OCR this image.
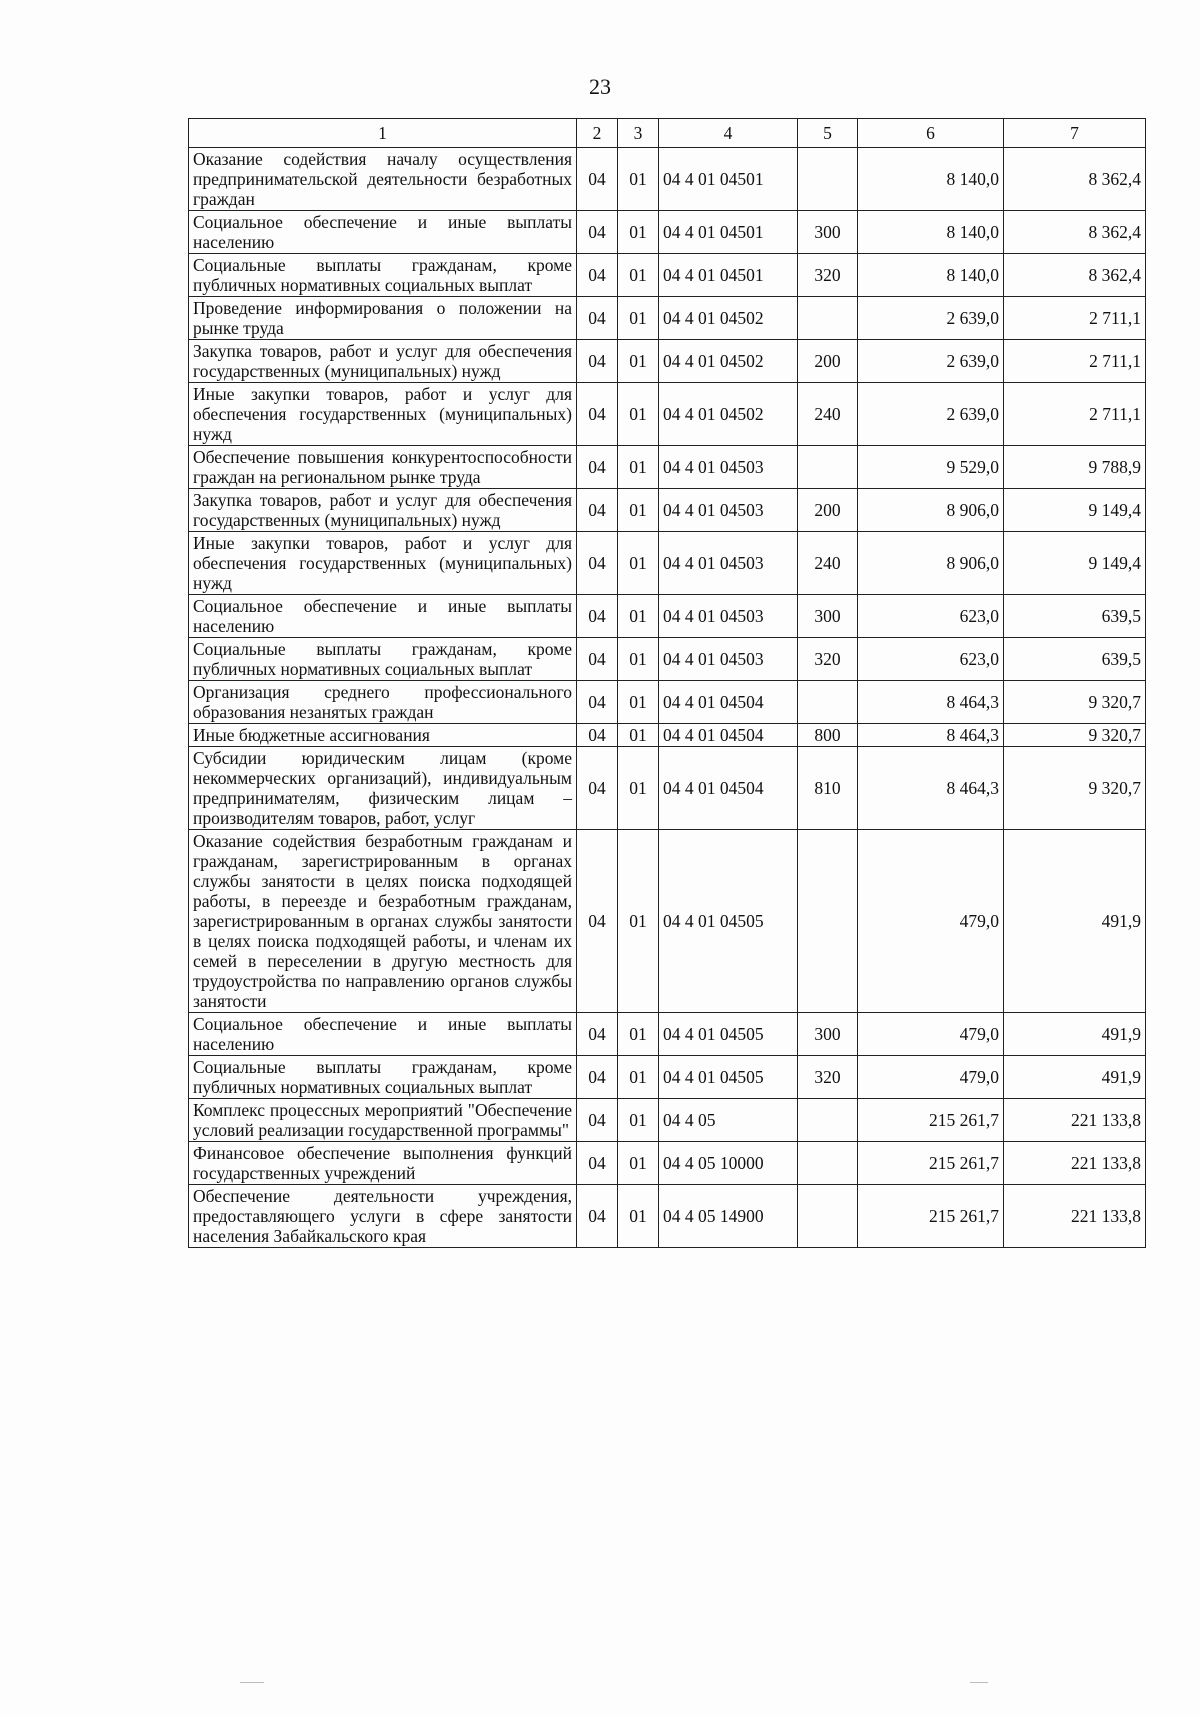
23
1	2	3	4	5	6	7
Оказание содействия началу осуществления предпринимательской деятельности безработных граждан	04	01	04 4 01 04501		8 140,0	8 362,4
Социальное обеспечение и иные выплаты населению	04	01	04 4 01 04501	300	8 140,0	8 362,4
Социальные выплаты гражданам, кроме публичных нормативных социальных выплат	04	01	04 4 01 04501	320	8 140,0	8 362,4
Проведение информирования о положении на рынке труда	04	01	04 4 01 04502		2 639,0	2 711,1
Закупка товаров, работ и услуг для обеспечения государственных (муниципальных) нужд	04	01	04 4 01 04502	200	2 639,0	2 711,1
Иные закупки товаров, работ и услуг для обеспечения государственных (муниципальных) нужд	04	01	04 4 01 04502	240	2 639,0	2 711,1
Обеспечение повышения конкурентоспособности граждан на региональном рынке труда	04	01	04 4 01 04503		9 529,0	9 788,9
Закупка товаров, работ и услуг для обеспечения государственных (муниципальных) нужд	04	01	04 4 01 04503	200	8 906,0	9 149,4
Иные закупки товаров, работ и услуг для обеспечения государственных (муниципальных) нужд	04	01	04 4 01 04503	240	8 906,0	9 149,4
Социальное обеспечение и иные выплаты населению	04	01	04 4 01 04503	300	623,0	639,5
Социальные выплаты гражданам, кроме публичных нормативных социальных выплат	04	01	04 4 01 04503	320	623,0	639,5
Организация среднего профессионального образования незанятых граждан	04	01	04 4 01 04504		8 464,3	9 320,7
Иные бюджетные ассигнования	04	01	04 4 01 04504	800	8 464,3	9 320,7
Субсидии юридическим лицам (кроме некоммерческих организаций), индивидуальным предпринимателям, физическим лицам – производителям товаров, работ, услуг	04	01	04 4 01 04504	810	8 464,3	9 320,7
Оказание содействия безработным гражданам и гражданам, зарегистрированным в органах службы занятости в целях поиска подходящей работы, в переезде и безработным гражданам, зарегистрированным в органах службы занятости в целях поиска подходящей работы, и членам их семей в переселении в другую местность для трудоустройства по направлению органов службы занятости	04	01	04 4 01 04505		479,0	491,9
Социальное обеспечение и иные выплаты населению	04	01	04 4 01 04505	300	479,0	491,9
Социальные выплаты гражданам, кроме публичных нормативных социальных выплат	04	01	04 4 01 04505	320	479,0	491,9
Комплекс процессных мероприятий "Обеспечение условий реализации государственной программы"	04	01	04 4 05		215 261,7	221 133,8
Финансовое обеспечение выполнения функций государственных учреждений	04	01	04 4 05 10000		215 261,7	221 133,8
Обеспечение деятельности учреждения, предоставляющего услуги в сфере занятости населения Забайкальского края	04	01	04 4 05 14900		215 261,7	221 133,8
